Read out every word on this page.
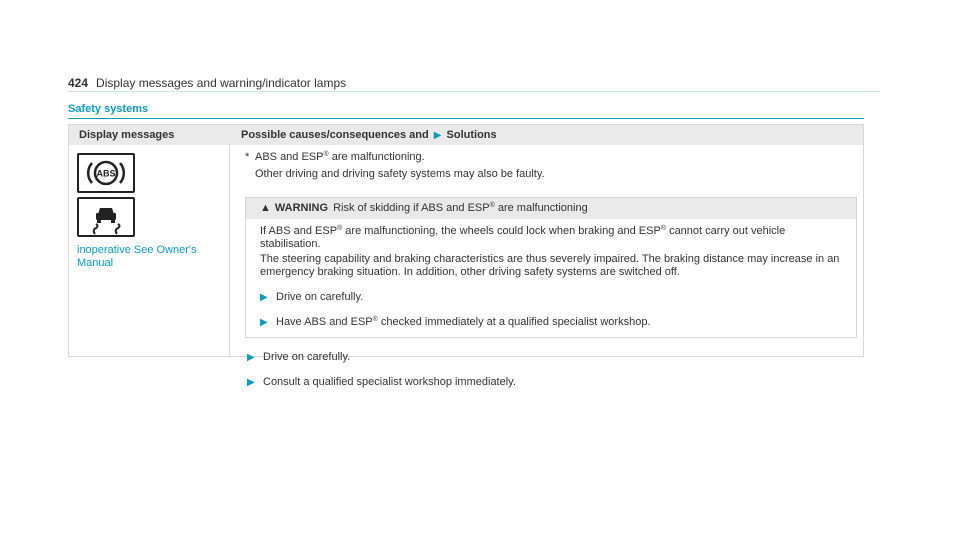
424 Display messages and warning/indicator lamps
Safety systems
Display messages	Possible causes/consequences and ▶ Solutions
ABS
inoperative See Owner's Manual
* ABS and ESP® are malfunctioning.
Other driving and driving safety systems may also be faulty.
▲ WARNING Risk of skidding if ABS and ESP® are malfunctioning

If ABS and ESP® are malfunctioning, the wheels could lock when braking and ESP® cannot carry out vehicle stabilisation.

The steering capability and braking characteristics are thus severely impaired. The braking distance may increase in an emergency braking situation. In addition, other driving safety systems are switched off.

▶ Drive on carefully.
▶ Have ABS and ESP® checked immediately at a qualified specialist workshop.
▶ Drive on carefully.
▶ Consult a qualified specialist workshop immediately.
